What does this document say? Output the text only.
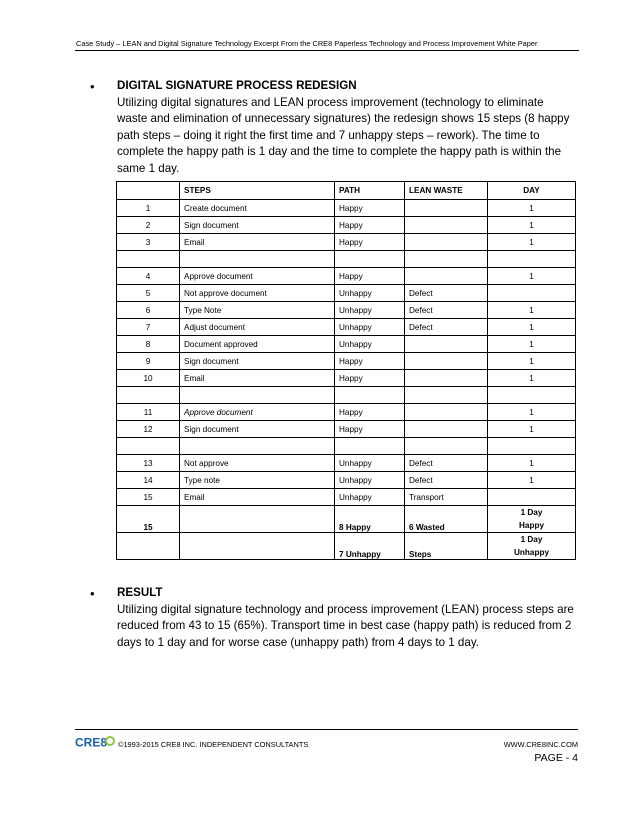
Case Study – LEAN and Digital Signature Technology Excerpt From the CRE8 Paperless Technology and Process Improvement White Paper
• DIGITAL SIGNATURE PROCESS REDESIGN

Utilizing digital signatures and LEAN process improvement (technology to eliminate waste and elimination of unnecessary signatures) the redesign shows 15 steps (8 happy path steps – doing it right the first time and 7 unhappy steps – rework). The time to complete the happy path is 1 day and the time to complete the happy path is within the same 1 day.

	STEPS	PATH	LEAN WASTE	DAY
1	Create document	Happy		1
2	Sign document	Happy		1
3	Email	Happy		1

4	Approve document	Happy		1
5	Not approve document	Unhappy	Defect	
6	Type Note	Unhappy	Defect	1
7	Adjust document	Unhappy	Defect	1
8	Document approved	Unhappy		1
9	Sign document	Happy		1
10	Email	Happy		1

11	Approve document	Happy		1
12	Sign document	Happy		1

13	Not approve	Unhappy	Defect	1
14	Type note	Unhappy	Defect	1
15	Email	Unhappy	Transport	
15		8 Happy	6 Wasted	1 Day
Happy

		7 Unhappy	Steps	1 Day
Unhappy
• RESULT

Utilizing digital signature technology and process improvement (LEAN) process steps are reduced from 43 to 15 (65%). Transport time in best case (happy path) is reduced from 2 days to 1 day and for worse case (unhappy path) from 4 days to 1 day.

CRE8 ©1993-2015 CRE8 INC. INDEPENDENT CONSULTANTS	WWW.CRE8INC.COM
PAGE - 4
